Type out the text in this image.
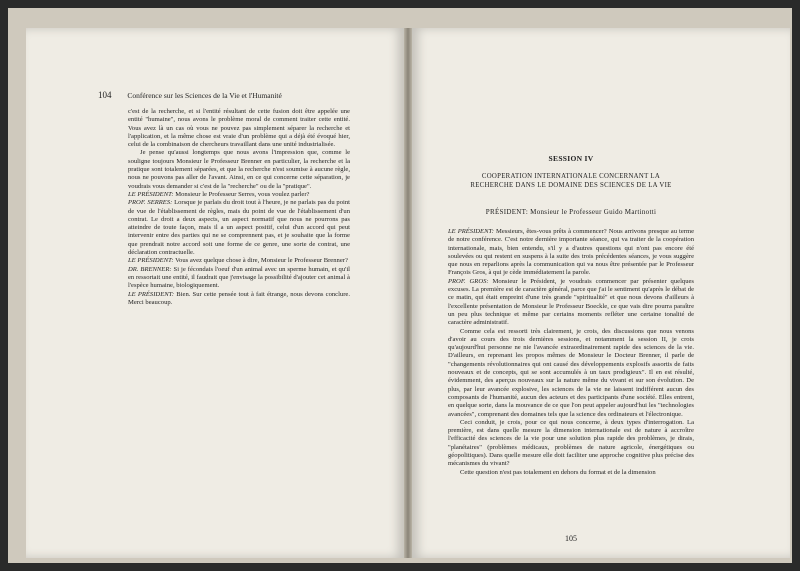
104 Conférence sur les Sciences de la Vie et l'Humanité

c'est de la recherche, et si l'entité résultant de cette fusion doit être appelée une entité "humaine", nous avons le problème moral de comment traiter cette entité. Vous avez là un cas où vous ne pouvez pas simplement séparer la recherche et l'application, et la même chose est vraie d'un problème qui a déjà été évoqué hier, celui de la combinaison de chercheurs travaillant dans une unité industrialisée.

Je pense qu'aussi longtemps que nous avons l'impression que, comme le souligne toujours Monsieur le Professeur Brenner en particulier, la recherche et la pratique sont totalement séparées, et que la recherche n'est soumise à aucune règle, nous ne pouvons pas aller de l'avant. Ainsi, en ce qui concerne cette séparation, je voudrais vous demander si c'est de la "recherche" ou de la "pratique".

LE PRÉSIDENT: Monsieur le Professeur Serres, vous voulez parler?

PROF. SERRES: Lorsque je parlais du droit tout à l'heure, je ne parlais pas du point de vue de l'établissement de règles, mais du point de vue de l'établissement d'un contrat. Le droit a deux aspects, un aspect normatif que nous ne pourrons pas atteindre de toute façon, mais il a un aspect positif, celui d'un accord qui peut intervenir entre des parties qui ne se comprennent pas, et je souhaite que la forme que prendrait notre accord soit une forme de ce genre, une sorte de contrat, une déclaration contractuelle.

LE PRÉSIDENT: Vous avez quelque chose à dire, Monsieur le Professeur Brenner?

DR. BRENNER: Si je fécondais l'oeuf d'un animal avec un sperme humain, et qu'il en ressortait une entité, il faudrait que j'envisage la possibilité d'ajouter cet animal à l'espèce humaine, biologiquement.

LE PRÉSIDENT: Bien. Sur cette pensée tout à fait étrange, nous devons conclure. Merci beaucoup.

SESSION IV
COOPERATION INTERNATIONALE CONCERNANT LA
RECHERCHE DANS LE DOMAINE DES SCIENCES DE LA VIE
PRÉSIDENT: Monsieur le Professeur Guido Martinotti

LE PRÉSIDENT: Messieurs, êtes-vous prêts à commencer? Nous arrivons presque au terme de notre conférence. C'est notre dernière importante séance, qui va traiter de la coopération internationale, mais, bien entendu, s'il y a d'autres questions qui n'ont pas encore été soulevées ou qui restent en suspens à la suite des trois précédentes séances, je vous suggère que nous en reparlions après la communication qui va nous être présentée par le Professeur François Gros, à qui je cède immédiatement la parole.

PROF. GROS: Monsieur le Président, je voudrais commencer par présenter quelques excuses. La première est de caractère général, parce que j'ai le sentiment qu'après le débat de ce matin, qui était empreint d'une très grande "spiritualité" et que nous devons d'ailleurs à l'excellente présentation de Monsieur le Professeur Boeckle, ce que vais dire pourra paraître un peu plus technique et même par certains moments refléter une certaine tonalité de caractère administratif.

Comme cela est ressorti très clairement, je crois, des discussions que nous venons d'avoir au cours des trois dernières sessions, et notamment la session II, je crois qu'aujourd'hui personne ne nie l'avancée extraordinairement rapide des sciences de la vie. D'ailleurs, en reprenant les propos mêmes de Monsieur le Docteur Brenner, il parle de "changements révolutionnaires qui ont causé des développements explosifs assortis de faits nouveaux et de concepts, qui se sont accumulés à un taux prodigieux". Il en est résulté, évidemment, des aperçus nouveaux sur la nature même du vivant et sur son évolution. De plus, par leur avancée explosive, les sciences de la vie ne laissent indifférent aucun des composants de l'humanité, aucun des acteurs et des participants d'une société. Elles entrent, en quelque sorte, dans la mouvance de ce que l'on peut appeler aujourd'hui les "technologies avancées", comprenant des domaines tels que la science des ordinateurs et l'électronique.

Ceci conduit, je crois, pour ce qui nous concerne, à deux types d'interrogation. La première, est dans quelle mesure la dimension internationale est de nature à accroître l'efficacité des sciences de la vie pour une solution plus rapide des problèmes, je dirais, "planétaires" (problèmes médicaux, problèmes de nature agricole, énergétiques ou géopolitiques). Dans quelle mesure elle doit faciliter une approche cognitive plus précise des mécanismes du vivant?

Cette question n'est pas totalement en dehors du format et de la dimension

105
